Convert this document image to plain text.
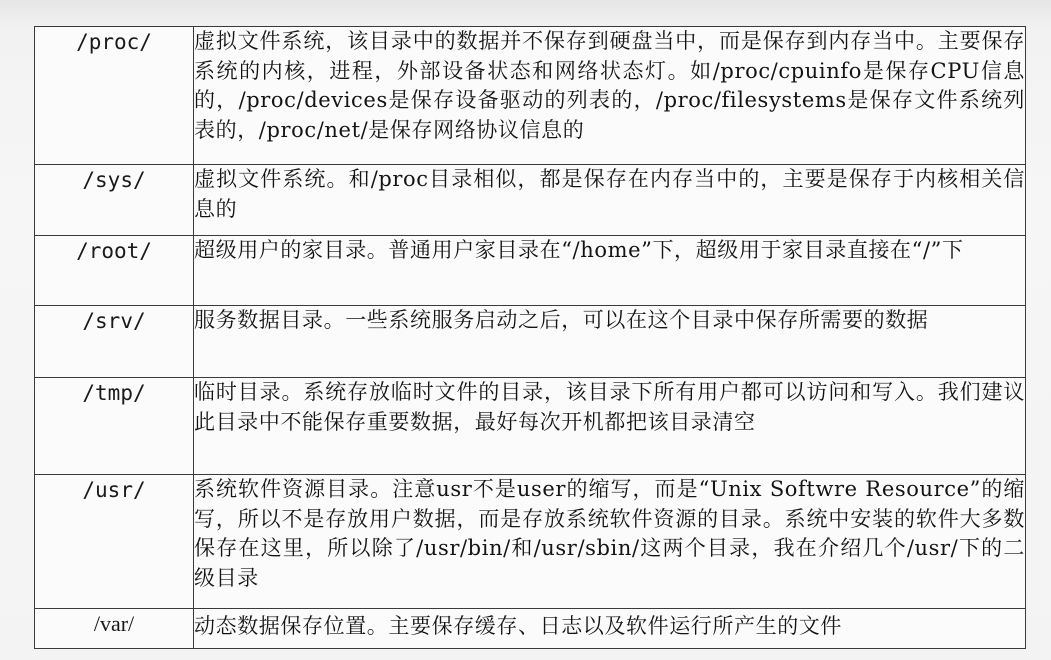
/proc/	虚拟文件系统，该目录中的数据并不保存到硬盘当中，而是保存到内存当中。主要保存系统的内核，进程，外部设备状态和网络状态灯。如/proc/cpuinfo是保存CPU信息的，/proc/devices是保存设备驱动的列表的，/proc/filesystems是保存文件系统列表的，/proc/net/是保存网络协议信息的
/sys/	虚拟文件系统。和/proc目录相似，都是保存在内存当中的，主要是保存于内核相关信息的
/root/	超级用户的家目录。普通用户家目录在“/home”下，超级用于家目录直接在“/”下
/srv/	服务数据目录。一些系统服务启动之后，可以在这个目录中保存所需要的数据
/tmp/	临时目录。系统存放临时文件的目录，该目录下所有用户都可以访问和写入。我们建议此目录中不能保存重要数据，最好每次开机都把该目录清空
/usr/	系统软件资源目录。注意usr不是user的缩写，而是“Unix Softwre Resource”的缩写，所以不是存放用户数据，而是存放系统软件资源的目录。系统中安装的软件大多数保存在这里，所以除了/usr/bin/和/usr/sbin/这两个目录，我在介绍几个/usr/下的二级目录
/var/	动态数据保存位置。主要保存缓存、日志以及软件运行所产生的文件
